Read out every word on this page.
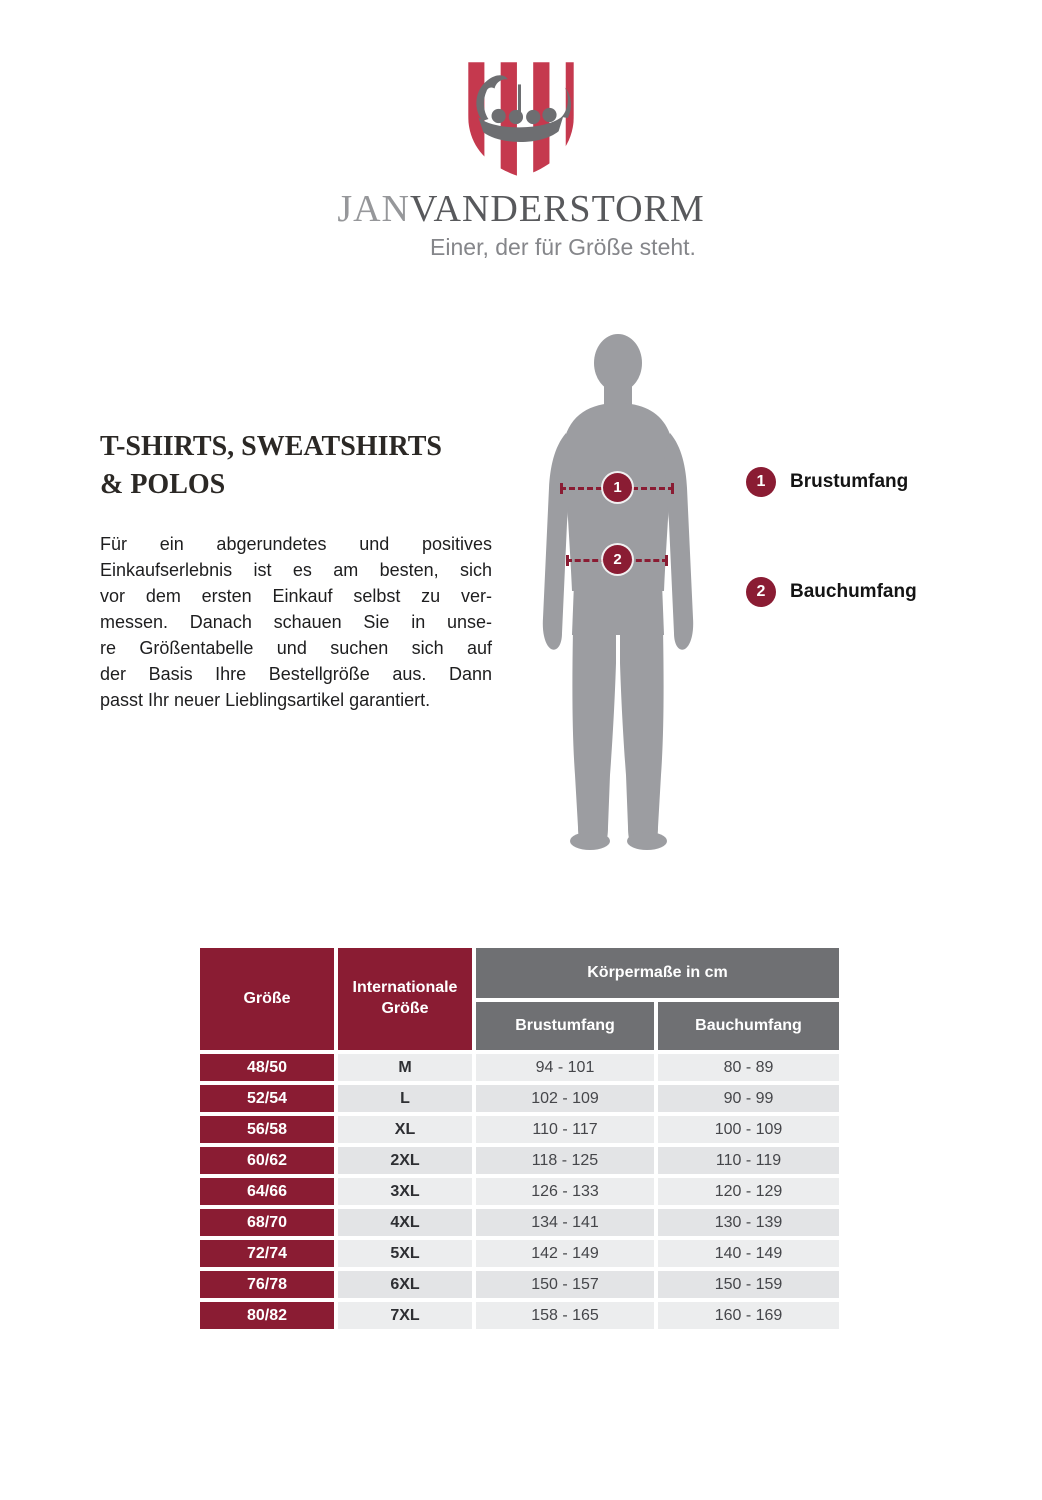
JANVANDERSTORM
Einer, der für Größe steht.
T-SHIRTS, SWEATSHIRTS
& POLOS
Für ein abgerundetes und positives
Einkaufserlebnis ist es am besten, sich
vor dem ersten Einkauf selbst zu ver-
messen. Danach schauen Sie in unse-
re Größentabelle und suchen sich auf
der Basis Ihre Bestellgröße aus. Dann
passt Ihr neuer Lieblingsartikel garantiert.
1
2
1	Brustumfang
2	Bauchumfang
Größe	Internationale Größe	Körpermaße in cm	
		Brustumfang	Bauchumfang
48/50	M	94 - 101	80 - 89
52/54	L	102 - 109	90 - 99
56/58	XL	110 - 117	100 - 109
60/62	2XL	118 - 125	110 - 119
64/66	3XL	126 - 133	120 - 129
68/70	4XL	134 - 141	130 - 139
72/74	5XL	142 - 149	140 - 149
76/78	6XL	150 - 157	150 - 159
80/82	7XL	158 - 165	160 - 169
